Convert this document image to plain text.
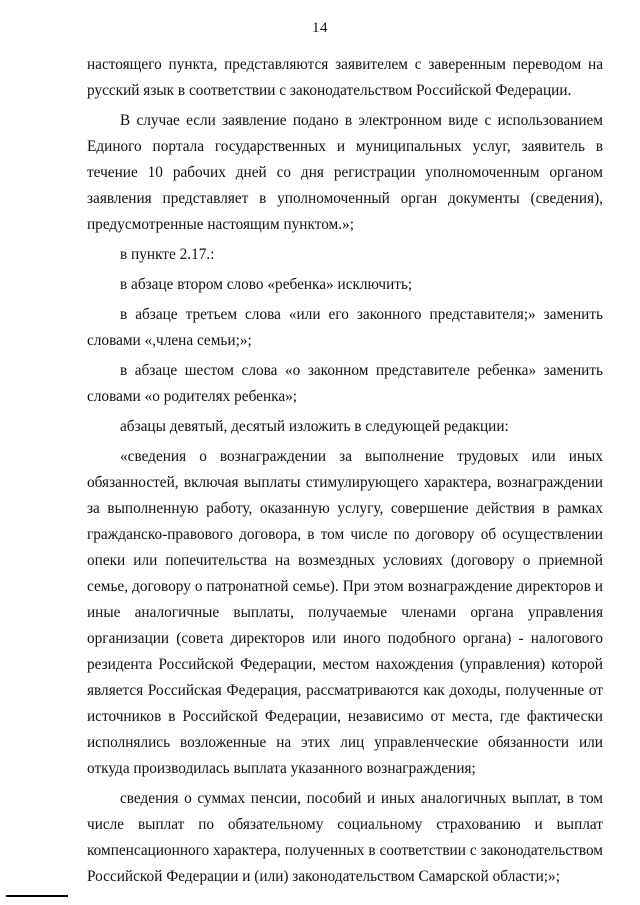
14

настоящего пункта, представляются заявителем с заверенным переводом на русский язык в соответствии с законодательством Российской Федерации.

В случае если заявление подано в электронном виде с использованием Единого портала государственных и муниципальных услуг, заявитель в течение 10 рабочих дней со дня регистрации уполномоченным органом заявления представляет в уполномоченный орган документы (сведения), предусмотренные настоящим пунктом.»;

в пункте 2.17.:

в абзаце втором слово «ребенка» исключить;

в абзаце третьем слова «или его законного представителя;» заменить словами «,члена семьи;»;

в абзаце шестом слова «о законном представителе ребенка» заменить словами «о родителях ребенка»;

абзацы девятый, десятый изложить в следующей редакции:

«сведения о вознаграждении за выполнение трудовых или иных обязанностей, включая выплаты стимулирующего характера, вознаграждении за выполненную работу, оказанную услугу, совершение действия в рамках гражданско-правового договора, в том числе по договору об осуществлении опеки или попечительства на возмездных условиях (договору о приемной семье, договору о патронатной семье). При этом вознаграждение директоров и иные аналогичные выплаты, получаемые членами органа управления организации (совета директоров или иного подобного органа) - налогового резидента Российской Федерации, местом нахождения (управления) которой является Российская Федерация, рассматриваются как доходы, полученные от источников в Российской Федерации, независимо от места, где фактически исполнялись возложенные на этих лиц управленческие обязанности или откуда производилась выплата указанного вознаграждения;

сведения о суммах пенсии, пособий и иных аналогичных выплат, в том числе выплат по обязательному социальному страхованию и выплат компенсационного характера, полученных в соответствии с законодательством Российской Федерации и (или) законодательством Самарской области;»;
